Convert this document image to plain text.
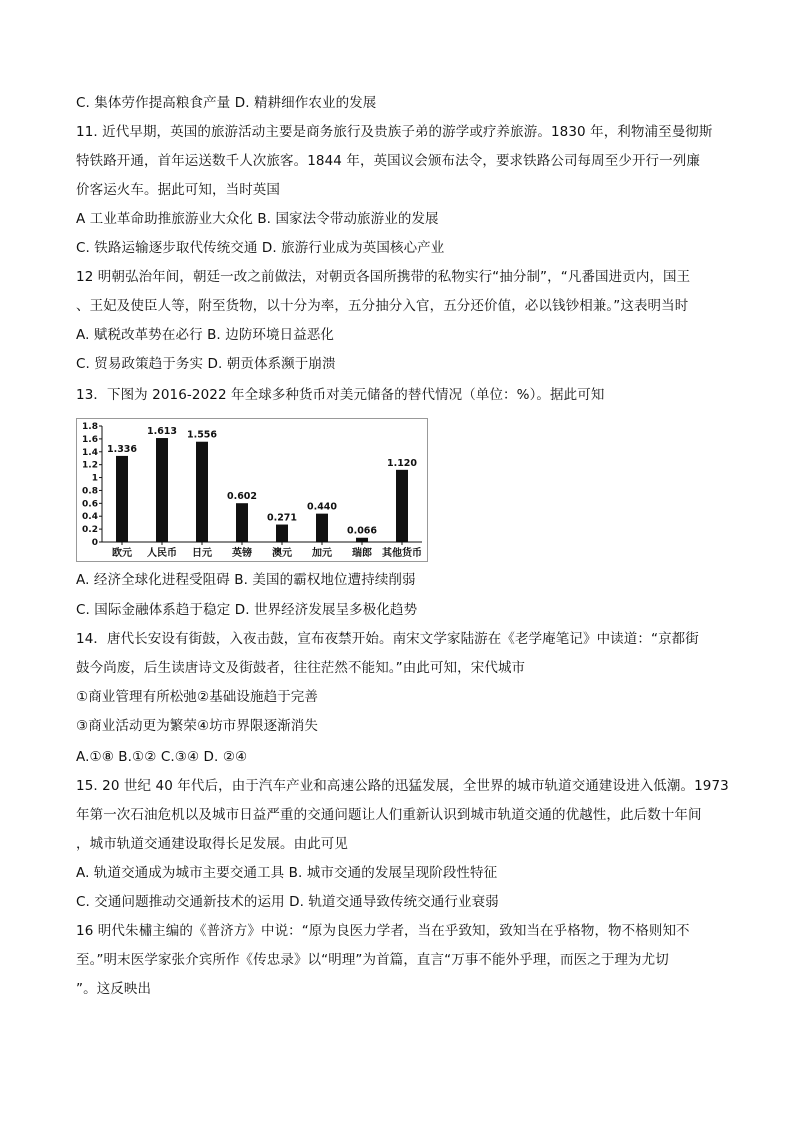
C. 集体劳作提高粮食产量 D. 精耕细作农业的发展
11. 近代早期，英国的旅游活动主要是商务旅行及贵族子弟的游学或疗养旅游。1830 年，利物浦至曼彻斯
特铁路开通，首年运送数千人次旅客。1844 年，英国议会颁布法令，要求铁路公司每周至少开行一列廉
价客运火车。据此可知，当时英国
A 工业革命助推旅游业大众化 B. 国家法令带动旅游业的发展
C. 铁路运输逐步取代传统交通 D. 旅游行业成为英国核心产业
12 明朝弘治年间，朝廷一改之前做法，对朝贡各国所携带的私物实行“抽分制”，“凡番国进贡内，国王
、王妃及使臣人等，附至货物，以十分为率，五分抽分入官，五分还价值，必以钱钞相兼。”这表明当时
A. 赋税改革势在必行 B. 边防环境日益恶化
C. 贸易政策趋于务实 D. 朝贡体系濒于崩溃
13．下图为 2016-2022 年全球多种货币对美元储备的替代情况（单位：%）。据此可知
0
0.2
0.4
0.6
0.8
1
1.2
1.4
1.6
1.8
1.336
欧元
1.613
人民币
1.556
日元
0.602
英镑
0.271
澳元
0.440
加元
0.066
瑞郎
1.120
其他货币
A. 经济全球化进程受阻碍 B. 美国的霸权地位遭持续削弱
C. 国际金融体系趋于稳定 D. 世界经济发展呈多极化趋势
14．唐代长安设有街鼓，入夜击鼓，宣布夜禁开始。南宋文学家陆游在《老学庵笔记》中读道：“京都街
鼓今尚废，后生读唐诗文及街鼓者，往往茫然不能知。”由此可知，宋代城市
①商业管理有所松弛②基础设施趋于完善
③商业活动更为繁荣④坊市界限逐渐消失
A.①⑧ B.①② C.③④ D. ②④
15. 20 世纪 40 年代后，由于汽车产业和高速公路的迅猛发展，全世界的城市轨道交通建设进入低潮。1973
年第一次石油危机以及城市日益严重的交通问题让人们重新认识到城市轨道交通的优越性，此后数十年间
，城市轨道交通建设取得长足发展。由此可见
A. 轨道交通成为城市主要交通工具 B. 城市交通的发展呈现阶段性特征
C. 交通问题推动交通新技术的运用 D. 轨道交通导致传统交通行业衰弱
16 明代朱橚主编的《普济方》中说：“原为良医力学者，当在乎致知，致知当在乎格物，物不格则知不
至。”明末医学家张介宾所作《传忠录》以“明理”为首篇，直言“万事不能外乎理，而医之于理为尤切
”。这反映出
